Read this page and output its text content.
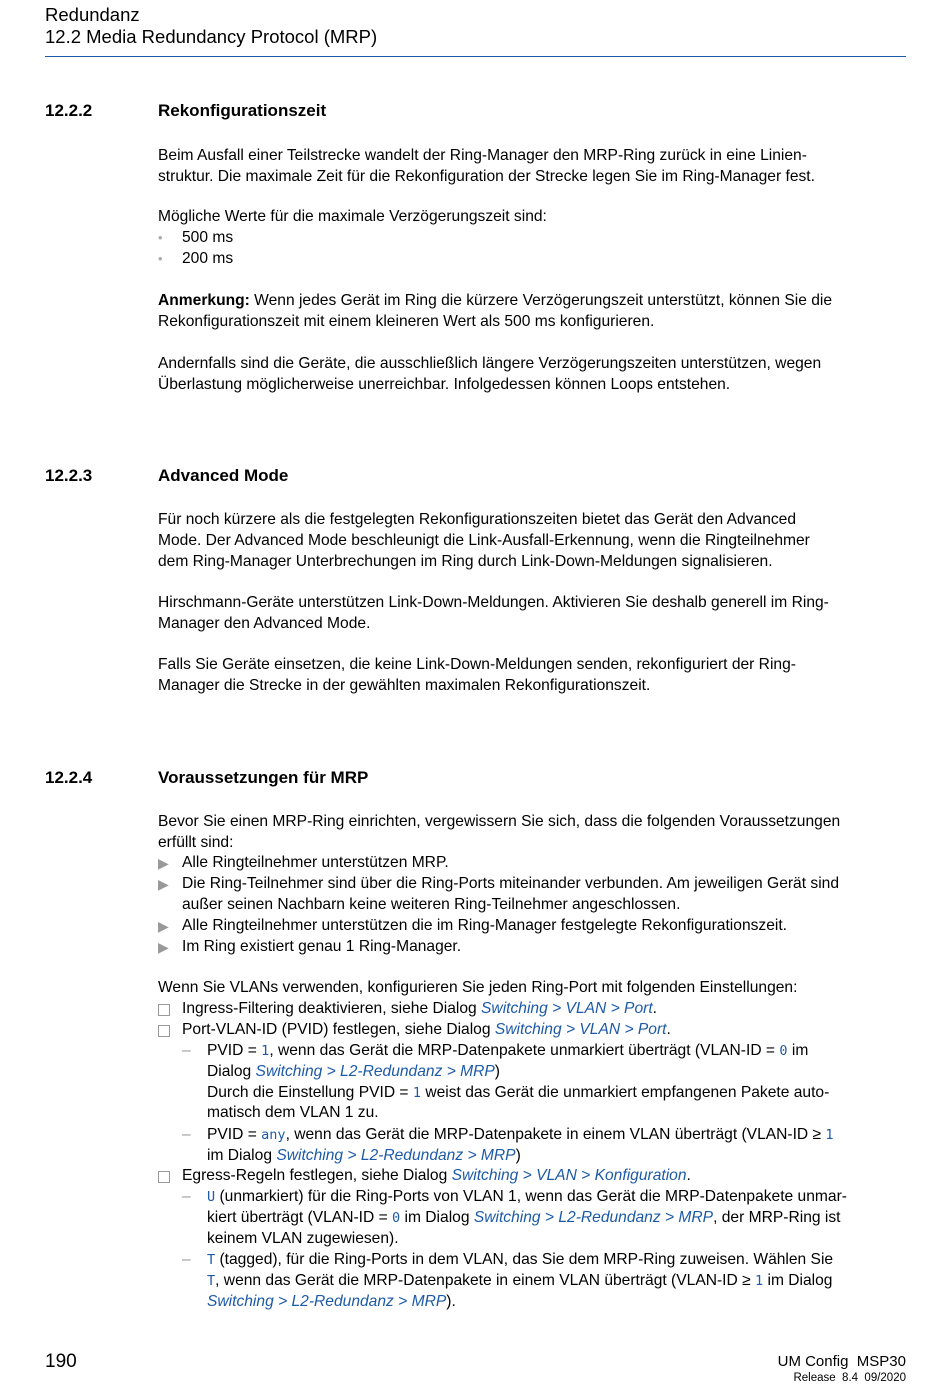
Redundanz
12.2 Media Redundancy Protocol (MRP)
12.2.2	Rekonfigurationszeit
Beim Ausfall einer Teilstrecke wandelt der Ring-Manager den MRP-Ring zurück in eine Linien-
struktur. Die maximale Zeit für die Rekonfiguration der Strecke legen Sie im Ring-Manager fest.
Mögliche Werte für die maximale Verzögerungszeit sind:
• 500 ms
• 200 ms
Anmerkung: Wenn jedes Gerät im Ring die kürzere Verzögerungszeit unterstützt, können Sie die
Rekonfigurationszeit mit einem kleineren Wert als 500 ms konfigurieren.
Andernfalls sind die Geräte, die ausschließlich längere Verzögerungszeiten unterstützen, wegen
Überlastung möglicherweise unerreichbar. Infolgedessen können Loops entstehen.
12.2.3	Advanced Mode
Für noch kürzere als die festgelegten Rekonfigurationszeiten bietet das Gerät den Advanced
Mode. Der Advanced Mode beschleunigt die Link-Ausfall-Erkennung, wenn die Ringteilnehmer
dem Ring-Manager Unterbrechungen im Ring durch Link-Down-Meldungen signalisieren.
Hirschmann-Geräte unterstützen Link-Down-Meldungen. Aktivieren Sie deshalb generell im Ring-
Manager den Advanced Mode.
Falls Sie Geräte einsetzen, die keine Link-Down-Meldungen senden, rekonfiguriert der Ring-
Manager die Strecke in der gewählten maximalen Rekonfigurationszeit.
12.2.4	Voraussetzungen für MRP
Bevor Sie einen MRP-Ring einrichten, vergewissern Sie sich, dass die folgenden Voraussetzungen
erfüllt sind:
▶ Alle Ringteilnehmer unterstützen MRP.
▶ Die Ring-Teilnehmer sind über die Ring-Ports miteinander verbunden. Am jeweiligen Gerät sind
außer seinen Nachbarn keine weiteren Ring-Teilnehmer angeschlossen.
▶ Alle Ringteilnehmer unterstützen die im Ring-Manager festgelegte Rekonfigurationszeit.
▶ Im Ring existiert genau 1 Ring-Manager.
Wenn Sie VLANs verwenden, konfigurieren Sie jeden Ring-Port mit folgenden Einstellungen:
Ingress-Filtering deaktivieren, siehe Dialog Switching > VLAN > Port.
Port-VLAN-ID (PVID) festlegen, siehe Dialog Switching > VLAN > Port.
– PVID = 1, wenn das Gerät die MRP-Datenpakete unmarkiert überträgt (VLAN-ID = 0 im
Dialog Switching > L2-Redundanz > MRP)
Durch die Einstellung PVID = 1 weist das Gerät die unmarkiert empfangenen Pakete auto-
matisch dem VLAN 1 zu.
– PVID = any, wenn das Gerät die MRP-Datenpakete in einem VLAN überträgt (VLAN-ID ≥ 1
im Dialog Switching > L2-Redundanz > MRP)
Egress-Regeln festlegen, siehe Dialog Switching > VLAN > Konfiguration.
– U (unmarkiert) für die Ring-Ports von VLAN 1, wenn das Gerät die MRP-Datenpakete unmar-
kiert überträgt (VLAN-ID = 0 im Dialog Switching > L2-Redundanz > MRP, der MRP-Ring ist
keinem VLAN zugewiesen).
– T (tagged), für die Ring-Ports in dem VLAN, das Sie dem MRP-Ring zuweisen. Wählen Sie
T, wenn das Gerät die MRP-Datenpakete in einem VLAN überträgt (VLAN-ID ≥ 1 im Dialog
Switching > L2-Redundanz > MRP).
190	UM Config  MSP30
Release  8.4  09/2020
